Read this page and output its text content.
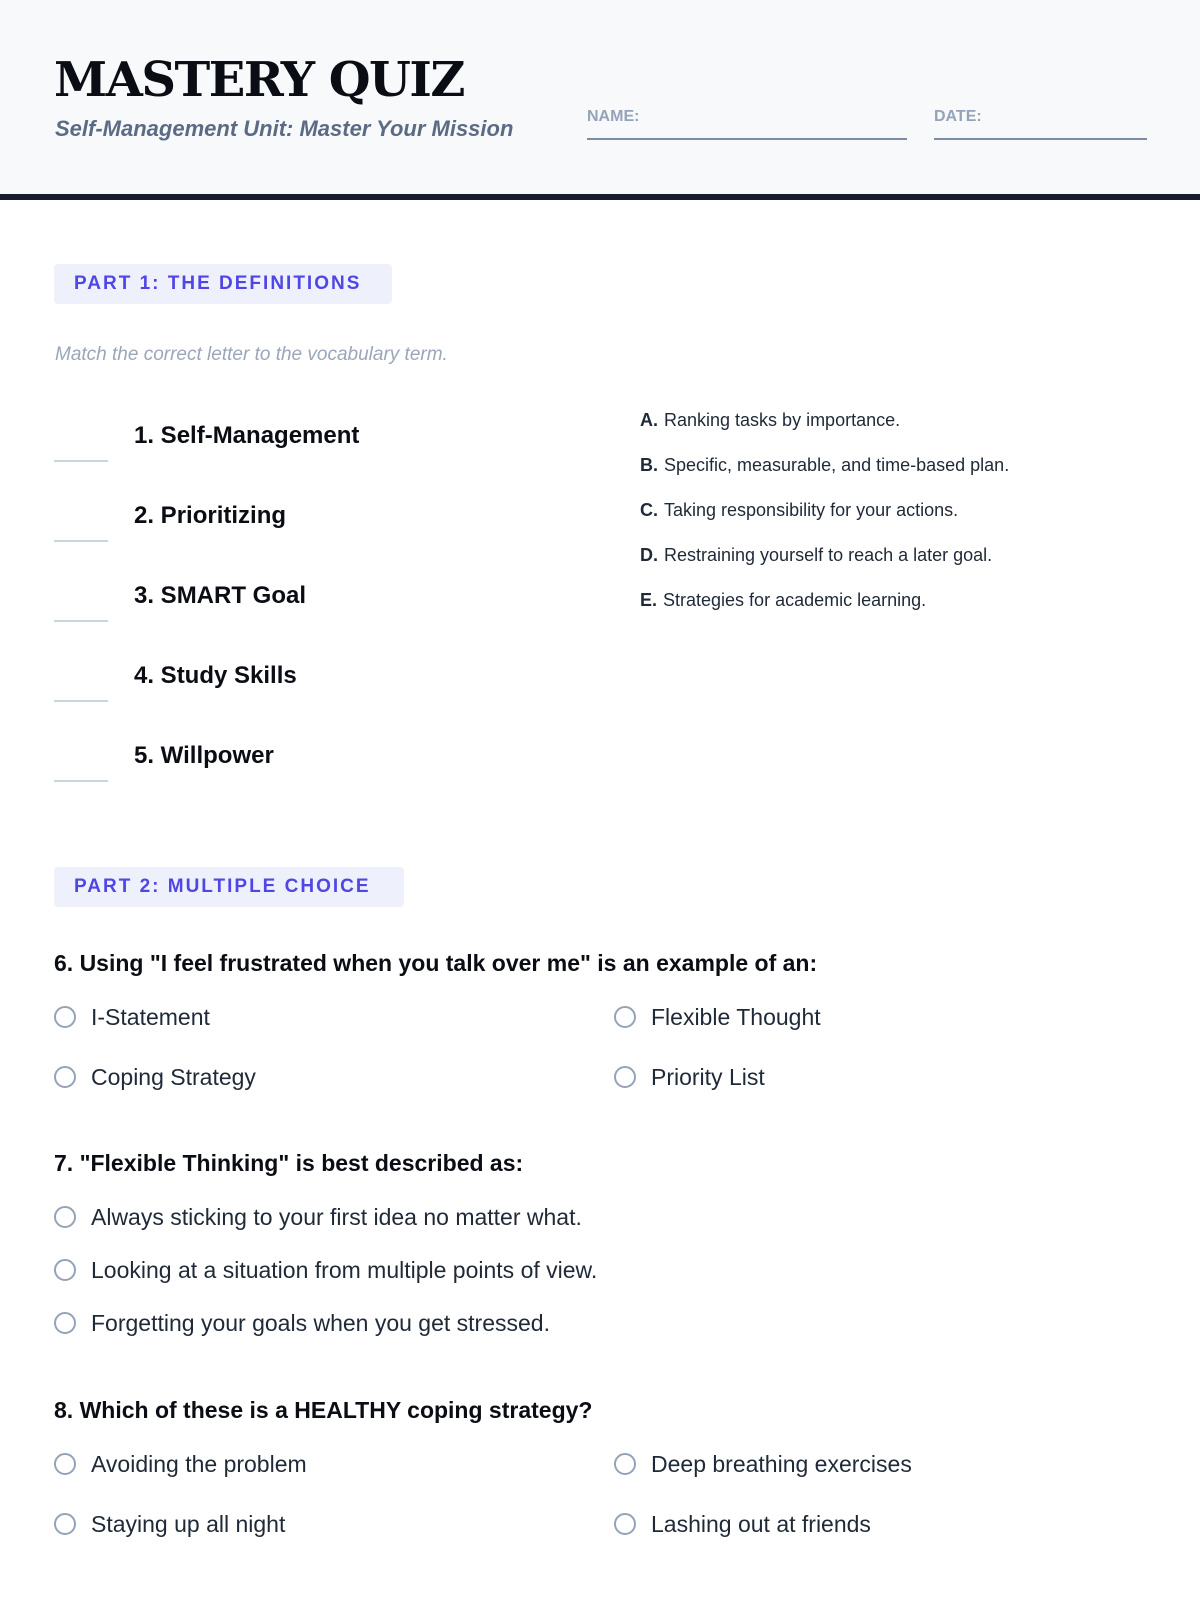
MASTERY QUIZ
Self-Management Unit: Master Your Mission	NAME:	DATE:
PART 1: THE DEFINITIONS
Match the correct letter to the vocabulary term.
1. Self-Management
2. Prioritizing
3. SMART Goal
4. Study Skills
5. Willpower
A. Ranking tasks by importance.
B. Specific, measurable, and time-based plan.
C. Taking responsibility for your actions.
D. Restraining yourself to reach a later goal.
E. Strategies for academic learning.
PART 2: MULTIPLE CHOICE
6. Using "I feel frustrated when you talk over me" is an example of an:
I-Statement	Flexible Thought
Coping Strategy	Priority List
7. "Flexible Thinking" is best described as:
Always sticking to your first idea no matter what.
Looking at a situation from multiple points of view.
Forgetting your goals when you get stressed.
8. Which of these is a HEALTHY coping strategy?
Avoiding the problem	Deep breathing exercises
Staying up all night	Lashing out at friends
